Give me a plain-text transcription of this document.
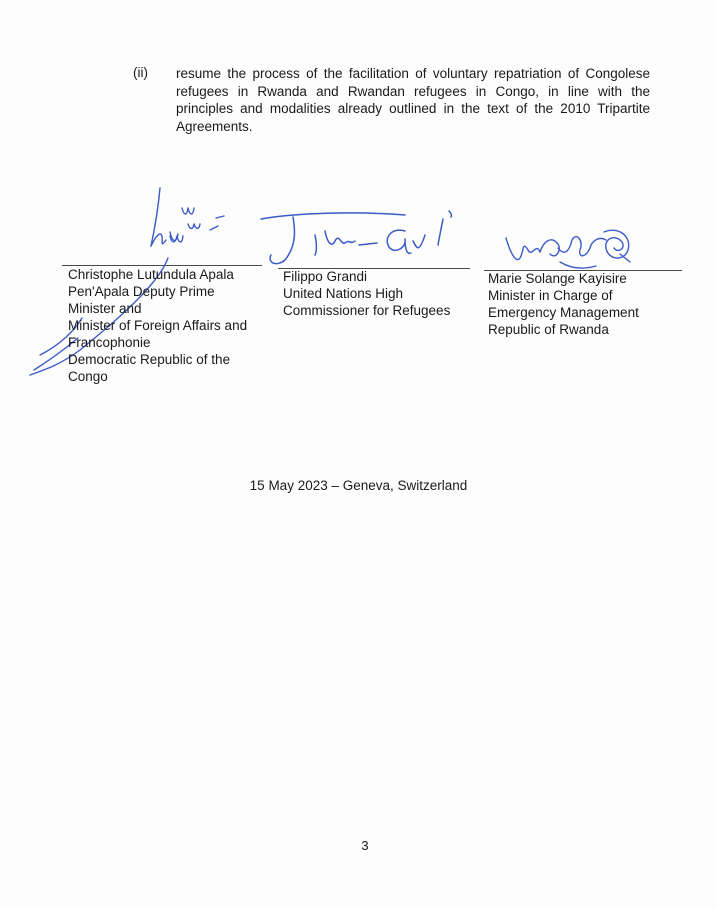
(ii) resume the process of the facilitation of voluntary repatriation of Congolese refugees in Rwanda and Rwandan refugees in Congo, in line with the principles and modalities already outlined in the text of the 2010 Tripartite Agreements.
Christophe Lutundula Apala
Pen'Apala Deputy Prime
Minister and
Minister of Foreign Affairs and
Francophonie
Democratic Republic of the
Congo
Filippo Grandi
United Nations High
Commissioner for Refugees
Marie Solange Kayisire
Minister in Charge of
Emergency Management
Republic of Rwanda
15 May 2023 – Geneva, Switzerland
3
